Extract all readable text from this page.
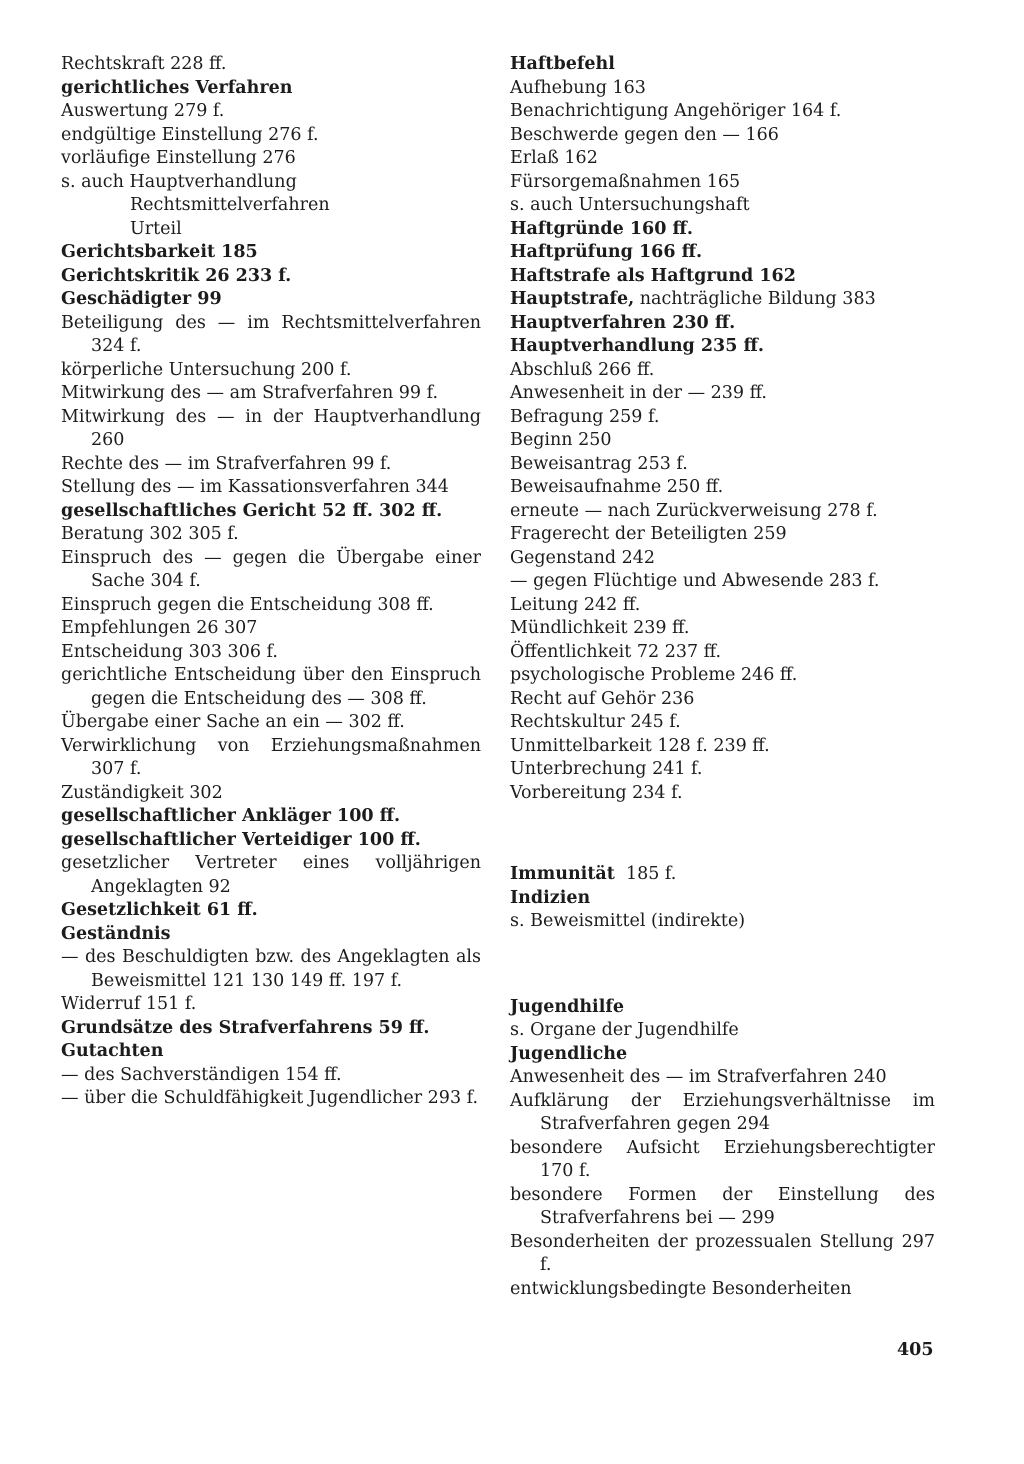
Rechtskraft 228 ff.
gerichtliches Verfahren
Auswertung 279 f.
endgültige Einstellung 276 f.
vorläufige Einstellung 276
s. auch Hauptverhandlung
Rechtsmittelverfahren
Urteil
Gerichtsbarkeit 185
Gerichtskritik 26 233 f.
Geschädigter 99
Beteiligung des — im Rechtsmittelverfahren 324 f.
körperliche Untersuchung 200 f.
Mitwirkung des — am Strafverfahren 99 f.
Mitwirkung des — in der Hauptverhandlung 260
Rechte des — im Strafverfahren 99 f.
Stellung des — im Kassationsverfahren 344
gesellschaftliches Gericht 52 ff. 302 ff.
Beratung 302 305 f.
Einspruch des — gegen die Übergabe einer Sache 304 f.
Einspruch gegen die Entscheidung 308 ff.
Empfehlungen 26 307
Entscheidung 303 306 f.
gerichtliche Entscheidung über den Einspruch gegen die Entscheidung des — 308 ff.
Übergabe einer Sache an ein — 302 ff.
Verwirklichung von Erziehungsmaßnahmen 307 f.
Zuständigkeit 302
gesellschaftlicher Ankläger 100 ff.
gesellschaftlicher Verteidiger 100 ff.
gesetzlicher Vertreter eines volljährigen Angeklagten 92
Gesetzlichkeit 61 ff.
Geständnis
— des Beschuldigten bzw. des Angeklagten als Beweismittel 121 130 149 ff. 197 f.
Widerruf 151 f.
Grundsätze des Strafverfahrens 59 ff.
Gutachten
— des Sachverständigen 154 ff.
— über die Schuldfähigkeit Jugendlicher 293 f.
Haftbefehl
Aufhebung 163
Benachrichtigung Angehöriger 164 f.
Beschwerde gegen den — 166
Erlaß 162
Fürsorgemaßnahmen 165
s. auch Untersuchungshaft
Haftgründe 160 ff.
Haftprüfung 166 ff.
Haftstrafe als Haftgrund 162
Hauptstrafe, nachträgliche Bildung 383
Hauptverfahren 230 ff.
Hauptverhandlung 235 ff.
Abschluß 266 ff.
Anwesenheit in der — 239 ff.
Befragung 259 f.
Beginn 250
Beweisantrag 253 f.
Beweisaufnahme 250 ff.
erneute — nach Zurückverweisung 278 f.
Fragerecht der Beteiligten 259
Gegenstand 242
— gegen Flüchtige und Abwesende 283 f.
Leitung 242 ff.
Mündlichkeit 239 ff.
Öffentlichkeit 72 237 ff.
psychologische Probleme 246 ff.
Recht auf Gehör 236
Rechtskultur 245 f.
Unmittelbarkeit 128 f. 239 ff.
Unterbrechung 241 f.
Vorbereitung 234 f.
Immunität 185 f.
Indizien
s. Beweismittel (indirekte)
Jugendhilfe
s. Organe der Jugendhilfe
Jugendliche
Anwesenheit des — im Strafverfahren 240
Aufklärung der Erziehungsverhältnisse im Strafverfahren gegen 294
besondere Aufsicht Erziehungsberechtigter 170 f.
besondere Formen der Einstellung des Strafverfahrens bei — 299
Besonderheiten der prozessualen Stellung 297 f.
entwicklungsbedingte Besonderheiten
405
